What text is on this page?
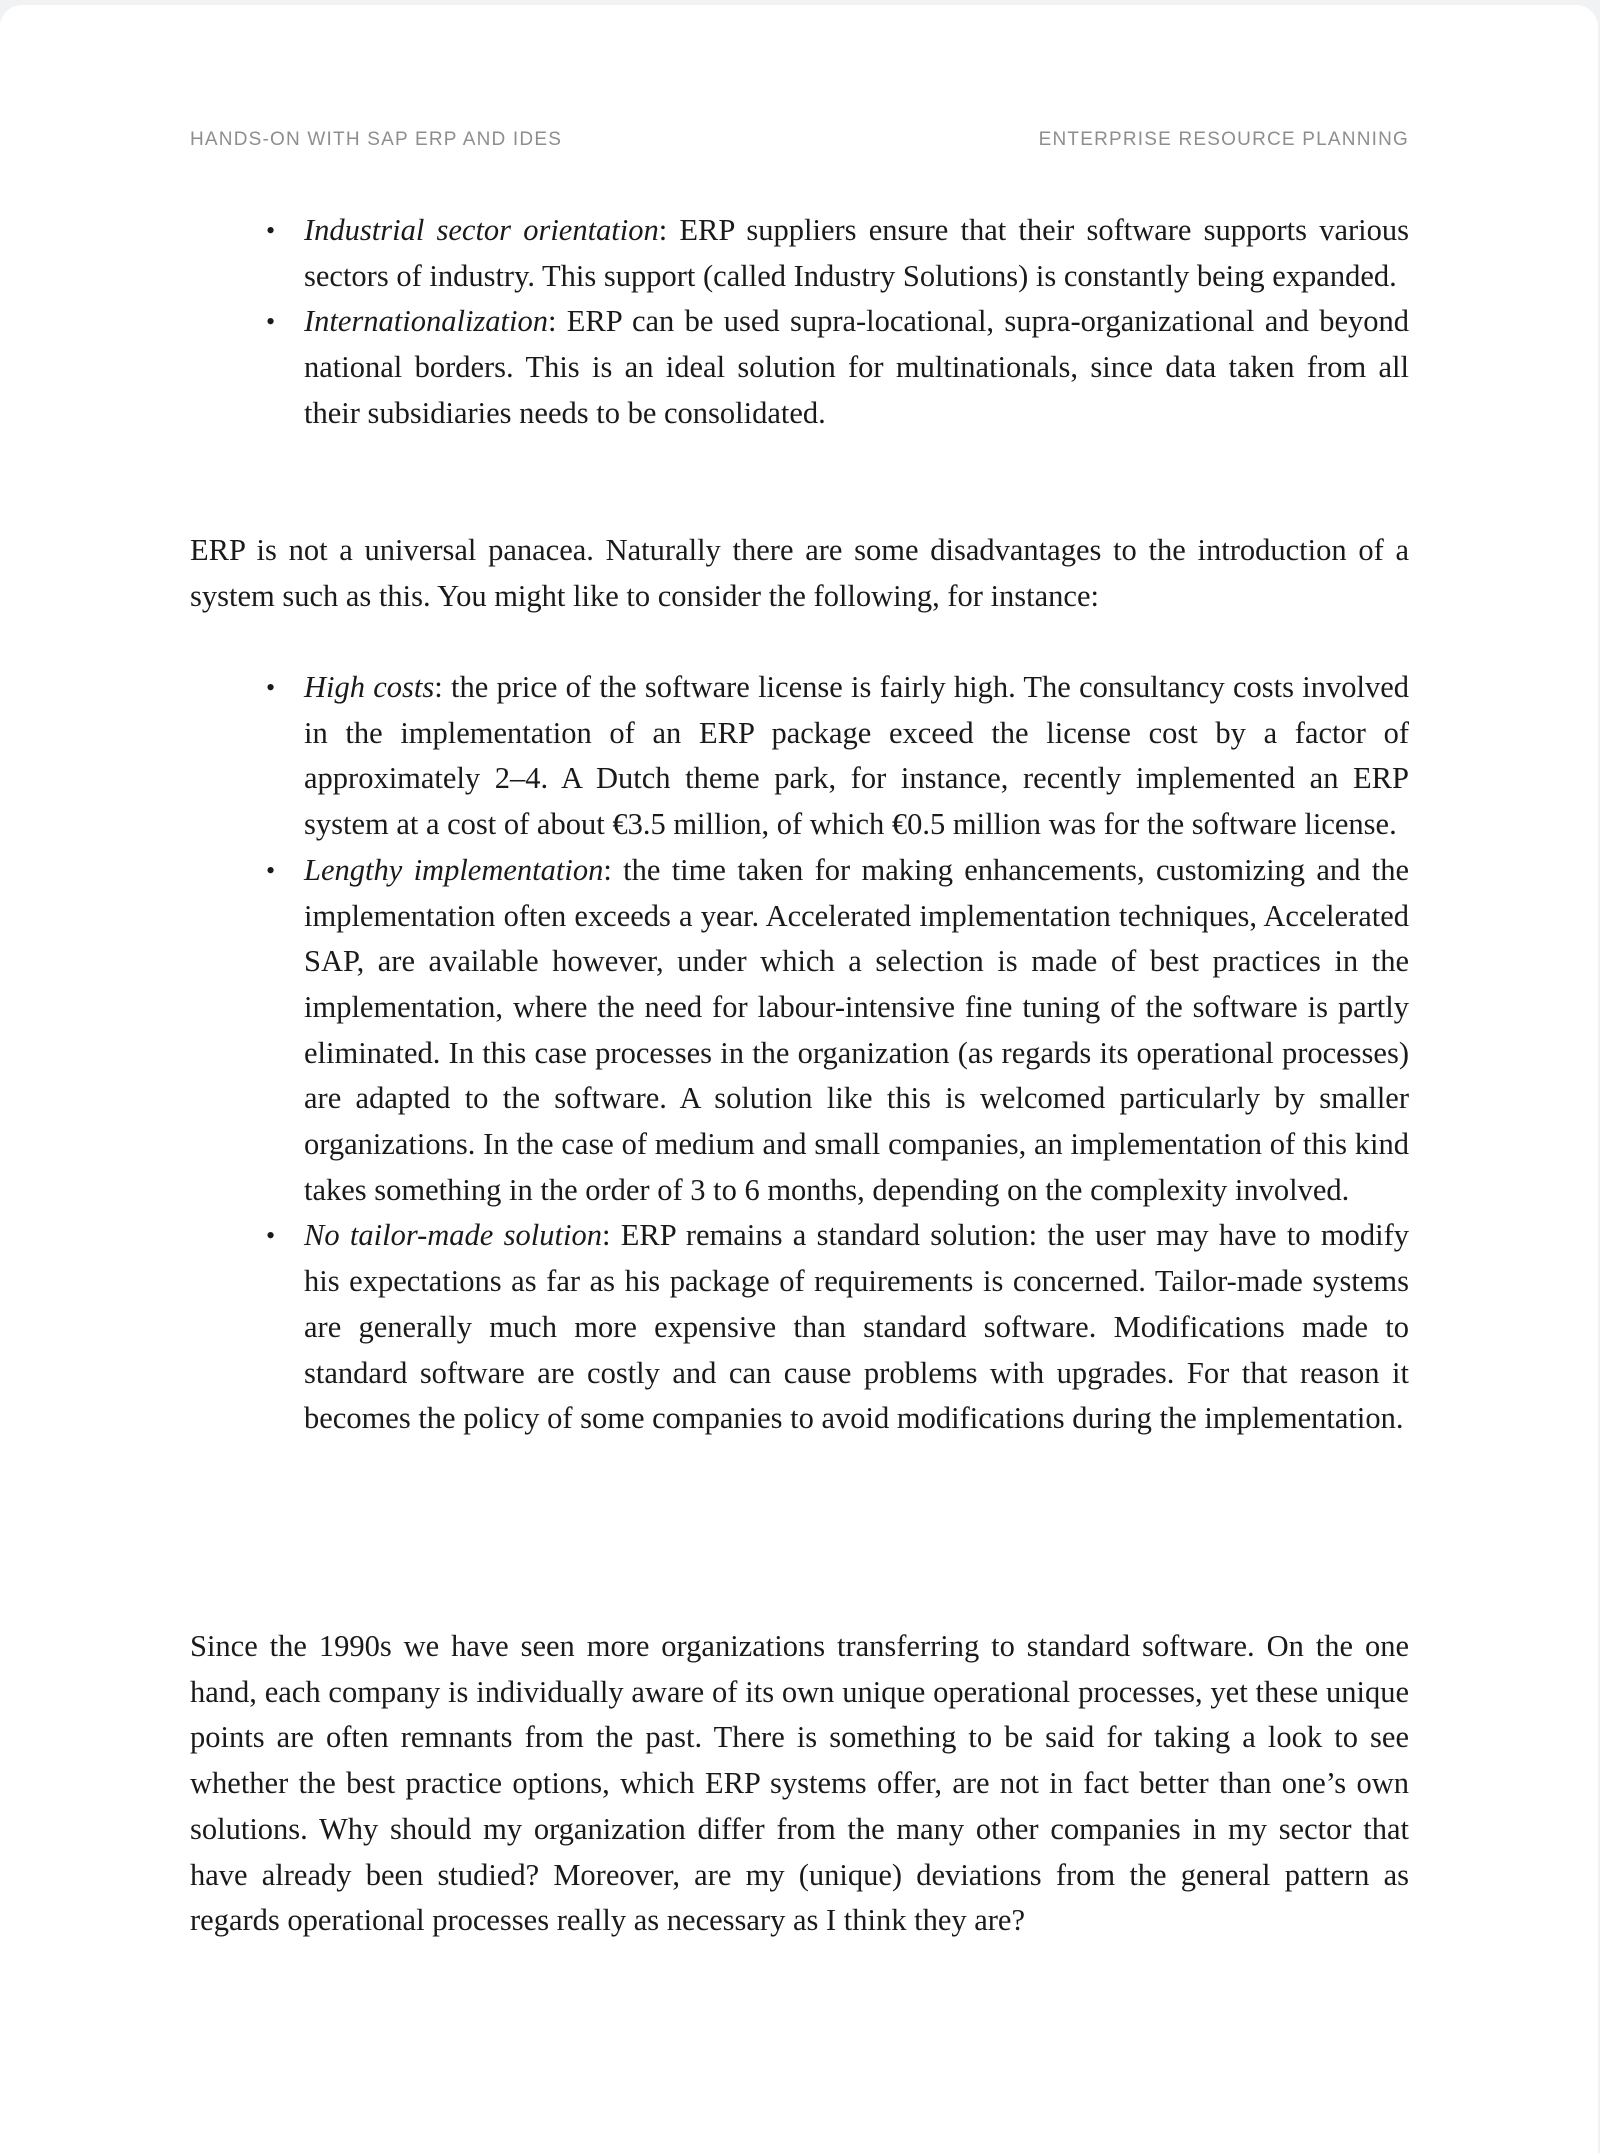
HANDS-ON WITH SAP ERP AND IDES	ENTERPRISE RESOURCE PLANNING
• Industrial sector orientation: ERP suppliers ensure that their software supports various sectors of industry. This support (called Industry Solutions) is constantly being expanded.
• Internationalization: ERP can be used supra-locational, supra-organizational and beyond national borders. This is an ideal solution for multinationals, since data taken from all their subsidiaries needs to be consolidated.

ERP is not a universal panacea. Naturally there are some disadvantages to the introduction of a system such as this. You might like to consider the following, for instance:

• High costs: the price of the software license is fairly high. The consultancy costs involved in the implementation of an ERP package exceed the license cost by a factor of approximately 2–4. A Dutch theme park, for instance, recently implemented an ERP system at a cost of about €3.5 million, of which €0.5 million was for the software license.
• Lengthy implementation: the time taken for making enhancements, customizing and the implementation often exceeds a year. Accelerated implementation techniques, Accelerated SAP, are available however, under which a selection is made of best practices in the implementation, where the need for labour-intensive fine tuning of the software is partly eliminated. In this case processes in the organization (as regards its operational processes) are adapted to the software. A solution like this is welcomed particularly by smaller organizations. In the case of medium and small companies, an implementation of this kind takes something in the order of 3 to 6 months, depending on the complexity involved.
• No tailor-made solution: ERP remains a standard solution: the user may have to modify his expectations as far as his package of requirements is concerned. Tailor-made systems are generally much more expensive than standard software. Modifications made to standard software are costly and can cause problems with upgrades. For that reason it becomes the policy of some companies to avoid modifications during the implementation.

Since the 1990s we have seen more organizations transferring to standard software. On the one hand, each company is individually aware of its own unique operational processes, yet these unique points are often remnants from the past. There is something to be said for taking a look to see whether the best practice options, which ERP systems offer, are not in fact better than one’s own solutions. Why should my organization differ from the many other companies in my sector that have already been studied? Moreover, are my (unique) deviations from the general pattern as regards operational processes really as necessary as I think they are?
